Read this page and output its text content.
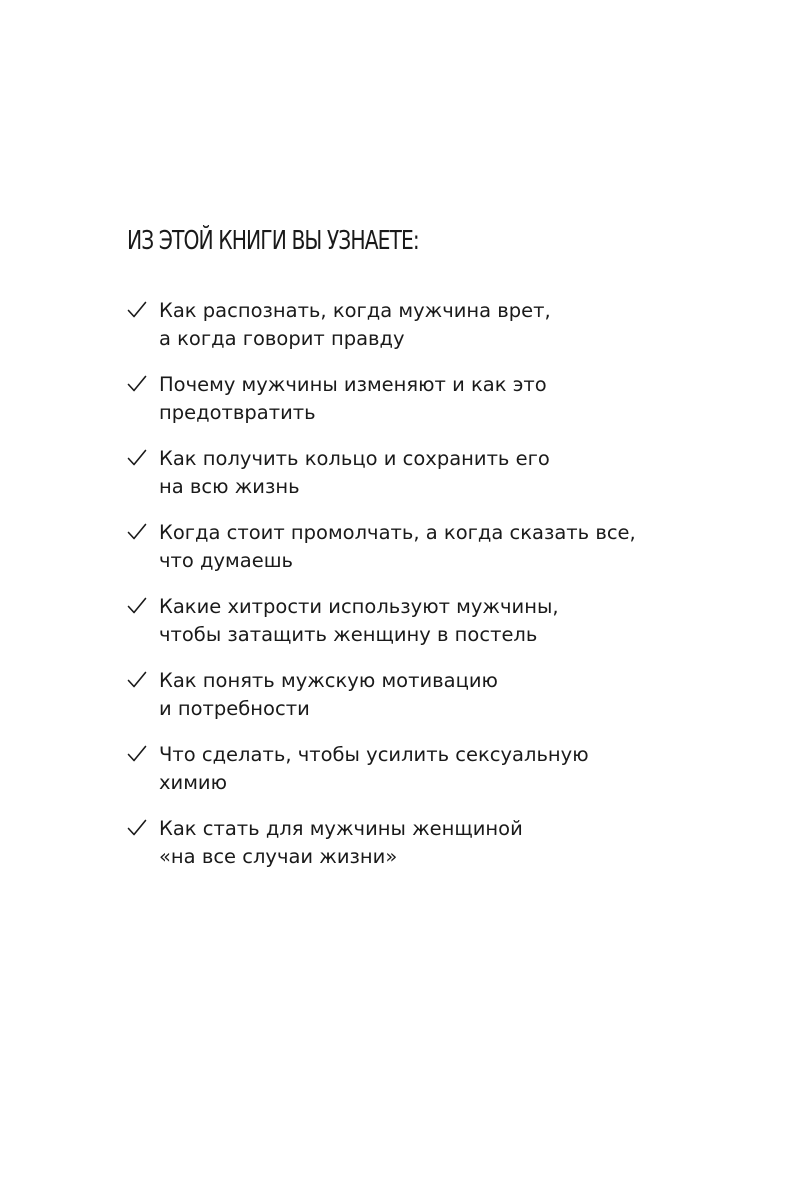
ИЗ ЭТОЙ КНИГИ ВЫ УЗНАЕТЕ:
Как распознать, когда мужчина врет,
а когда говорит правду
Почему мужчины изменяют и как это
предотвратить
Как получить кольцо и сохранить его
на всю жизнь
Когда стоит промолчать, а когда сказать все,
что думаешь
Какие хитрости используют мужчины,
чтобы затащить женщину в постель
Как понять мужскую мотивацию
и потребности
Что сделать, чтобы усилить сексуальную
химию
Как стать для мужчины женщиной
«на все случаи жизни»
